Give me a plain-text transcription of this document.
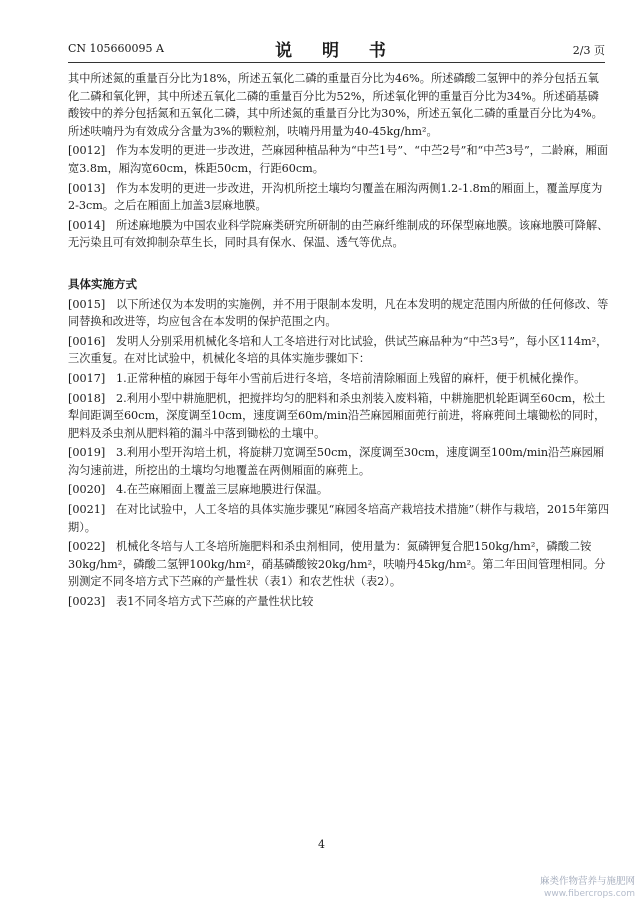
CN 105660095 A	说 明 书	2/3 页

其中所述氮的重量百分比为18%，所述五氧化二磷的重量百分比为46%。所述磷酸二氢钾中的养分包括五氧化二磷和氧化钾，其中所述五氧化二磷的重量百分比为52%，所述氧化钾的重量百分比为34%。所述硝基磷酸铵中的养分包括氮和五氧化二磷，其中所述氮的重量百分比为30%，所述五氧化二磷的重量百分比为4%。所述呋喃丹为有效成分含量为3%的颗粒剂，呋喃丹用量为40-45kg/hm²。

[0012] 作为本发明的更进一步改进，苎麻园种植品种为“中苎1号”、“中苎2号”和“中苎3号”，二龄麻，厢面宽3.8m，厢沟宽60cm，株距50cm，行距60cm。

[0013] 作为本发明的更进一步改进，开沟机所挖土壤均匀覆盖在厢沟两侧1.2-1.8m的厢面上，覆盖厚度为2-3cm。之后在厢面上加盖3层麻地膜。

[0014] 所述麻地膜为中国农业科学院麻类研究所研制的由苎麻纤维制成的环保型麻地膜。该麻地膜可降解、无污染且可有效抑制杂草生长，同时具有保水、保温、透气等优点。

具体实施方式

[0015] 以下所述仅为本发明的实施例，并不用于限制本发明，凡在本发明的规定范围内所做的任何修改、等同替换和改进等，均应包含在本发明的保护范围之内。

[0016] 发明人分别采用机械化冬培和人工冬培进行对比试验，供试苎麻品种为“中苎3号”，每小区114m²，三次重复。在对比试验中，机械化冬培的具体实施步骤如下：

[0017] 1.正常种植的麻园于每年小雪前后进行冬培，冬培前清除厢面上残留的麻杆，便于机械化操作。

[0018] 2.利用小型中耕施肥机，把搅拌均匀的肥料和杀虫剂装入废料箱，中耕施肥机轮距调至60cm，松土犁间距调至60cm，深度调至10cm，速度调至60m/min沿苎麻园厢面蔸行前进，将麻蔸间土壤锄松的同时，肥料及杀虫剂从肥料箱的漏斗中落到锄松的土壤中。

[0019] 3.利用小型开沟培土机，将旋耕刀宽调至50cm，深度调至30cm，速度调至100m/min沿苎麻园厢沟匀速前进，所挖出的土壤均匀地覆盖在两侧厢面的麻蔸上。

[0020] 4.在苎麻厢面上覆盖三层麻地膜进行保温。

[0021] 在对比试验中，人工冬培的具体实施步骤见“麻园冬培高产栽培技术措施”（耕作与栽培，2015年第四期）。

[0022] 机械化冬培与人工冬培所施肥料和杀虫剂相同，使用量为：氮磷钾复合肥150kg/hm²，磷酸二铵30kg/hm²，磷酸二氢钾100kg/hm²，硝基磷酸铵20kg/hm²，呋喃丹45kg/hm²。第二年田间管理相同。分别测定不同冬培方式下苎麻的产量性状（表1）和农艺性状（表2）。

[0023] 表1不同冬培方式下苎麻的产量性状比较

4
麻类作物营养与施肥网
www.fibercrops.com
